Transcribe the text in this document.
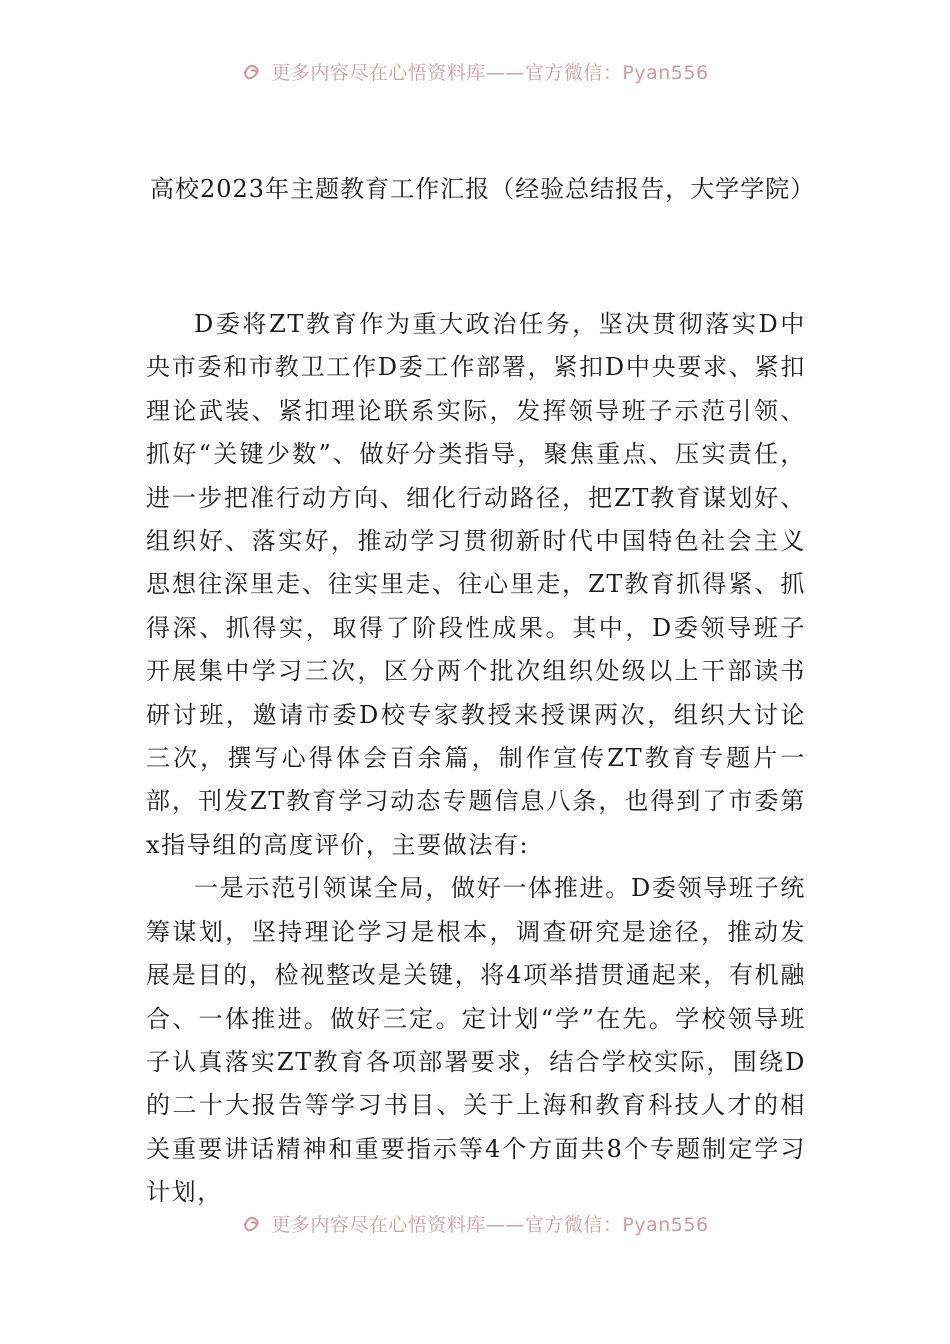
更多内容尽在心悟资料库——官方微信：Pyan556
高校2023年主题教育工作汇报（经验总结报告，大学学院）

D委将ZT教育作为重大政治任务，坚决贯彻落实D中央市委和市教卫工作D委工作部署，紧扣D中央要求、紧扣理论武装、紧扣理论联系实际，发挥领导班子示范引领、抓好“关键少数”、做好分类指导，聚焦重点、压实责任，进一步把准行动方向、细化行动路径，把ZT教育谋划好、组织好、落实好，推动学习贯彻新时代中国特色社会主义思想往深里走、往实里走、往心里走，ZT教育抓得紧、抓得深、抓得实，取得了阶段性成果。其中，D委领导班子开展集中学习三次，区分两个批次组织处级以上干部读书研讨班，邀请市委D校专家教授来授课两次，组织大讨论三次，撰写心得体会百余篇，制作宣传ZT教育专题片一部，刊发ZT教育学习动态专题信息八条，也得到了市委第x指导组的高度评价，主要做法有:

一是示范引领谋全局，做好一体推进。D委领导班子统筹谋划，坚持理论学习是根本，调查研究是途径，推动发展是目的，检视整改是关键，将4项举措贯通起来，有机融合、一体推进。做好三定。定计划“学”在先。学校领导班子认真落实ZT教育各项部署要求，结合学校实际，围绕D的二十大报告等学习书目、关于上海和教育科技人才的相关重要讲话精神和重要指示等4个方面共8个专题制定学习计划，

更多内容尽在心悟资料库——官方微信：Pyan556
